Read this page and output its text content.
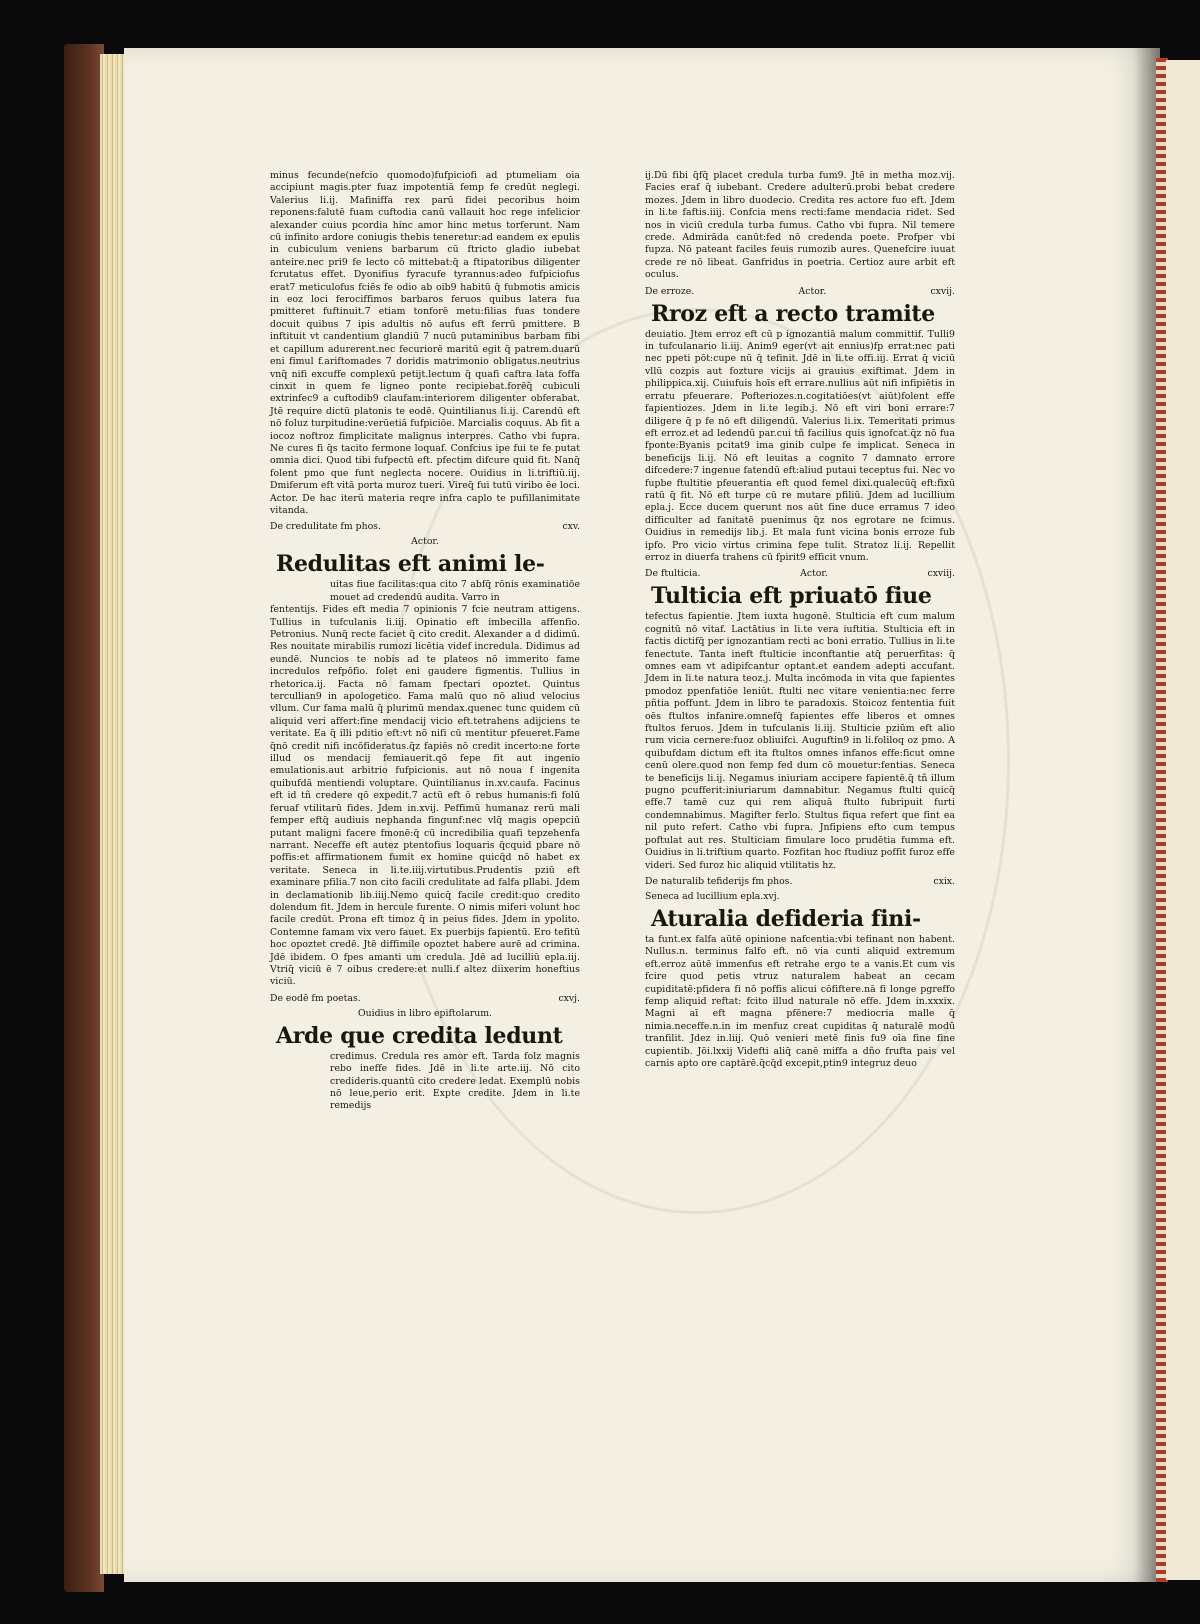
minus fecunde(nefcio quomodo)fufpiciofi ad ptumeliam oia accipiunt magis.pter fuaz impotentiā femp fe credūt neglegi. Valerius li.ij. Mafiniffa rex parū fidei pecoribus hoim reponens:falutē fuam cuftodia canū vallauit hoc rege infelicior alexander cuius pcordia hinc amor hinc metus torferunt. Nam cū infinito ardore coniugis thebis teneretur:ad eandem ex epulis in cubiculum veniens barbarum cū ftricto gladio iubebat anteire.nec pri9 fe lecto cō mittebat:q̄ a ftipatoribus diligenter fcrutatus effet. Dyonifius fyracufe tyrannus:adeo fufpiciofus erat7 meticulofus fciēs fe odio ab oib9 habitū q̄ fubmotis amicis in eoz loci ferociffimos barbaros feruos quibus latera fua pmitteret fuftinuit.7 etiam tonforē metu:filias fuas tondere docuit quibus 7 ipis adultis nō aufus eft ferrū pmittere. B inftituit vt candentium glandiū 7 nucū putaminibus barbam fibi et capillum adurerent.nec fecuriorē maritū egit q̄ patrem.duarū eni fimul f.ariftomades 7 doridis matrimonio obligatus.neutrius vnq̄ nifi excuffe complexū petijt.lectum q̄ quafi caftra lata foffa cinxit in quem fe ligneo ponte recipiebat.forēq̄ cubiculi extrinfec9 a cuftodib9 claufam:interiorem diligenter obferabat. Jtē require dictū platonis te eodē. Quintilianus li.ij. Carendū eft nō foluz turpitudine:verūetiā fufpiciōe. Marcialis coquus. Ab fit a iocoz noftroz fimplicitate malignus interpres. Catho vbi fupra. Ne cures fi q̄s tacito fermone loquaf. Confcius ipe fui te fe putat omnia dici. Quod tibi fufpectū eft. pfectim difcure quid fit. Nanq̄ folent pmo que funt neglecta nocere. Ouidius in li.triftiū.iij. Dmiferum eft vitā porta muroz tueri. Vireq̄ fui tutū viribo ēe loci. Actor. De hac iterū materia reqre infra caplo te pufillanimitate vitanda.

De credulitate fm phos.	cxv.
Actor.
Redulitas eft animi le-

uitas fiue facilitas:qua cito 7 abfq̄ rōnis examinatiōe mouet ad credendū audita. Varro in

fententijs. Fides eft media 7 opinionis 7 fcie neutram attigens. Tullius in tufculanis li.iij. Opinatio eft imbecilla affenfio. Petronius. Nunq̄ recte faciet q̄ cito credit. Alexander a d didimū. Res nouitate mirabilis rumozi licētia videf incredula. Didimus ad eundē. Nuncios te nobis ad te plateos nō immerito fame incredulos refpōfio. folet eni gaudere figmentis. Tullius in rhetorica.ij. Facta nō famam fpectari opoztet. Quintus tercullian9 in apologetico. Fama malū quo nō aliud velocius vllum. Cur fama malū q̄ plurimū mendax.quenec tunc quidem cū aliquid veri affert:fine mendacij vicio eft.tetrahens adijciens te veritate. Ea q̄ illi pditio eft:vt nō nifi cū mentitur pfeueret.Fame q̄nō credit nifi incōfideratus.q̄z fapiēs nō credit incerto:ne forte illud os mendacij femiauerit.qō fepe fit aut ingenio emulationis.aut arbitrio fufpicionis. aut nō noua ẜ ingenita quibufdā mentiendi voluptare. Quintilianus in.xv.caufa. Facinus eft id tñ credere qō expedit.7 actū eft ō rebus humanis:fi folū feruaf vtilitarū fides. Jdem in.xvij. Peffimū humanaz rerū mali femper eftq̄ audiuis nephanda fingunf:nec vlq̄ magis opepciū putant maligni facere fmonē:q̄ cū incredibilia quafi tepzehenfa narrant. Neceffe eft autez ptentofius loquaris q̄cquid pbare nō poffis:et affirmationem fumit ex homine quicq̄d nō habet ex veritate. Seneca in li.te.iiij.virtutibus.Prudentis pziū eft examinare pfilia.7 non cito facili credulitate ad falfa pllabi. Jdem in declamationib lib.iiij.Nemo quicq̄ facile credit:quo credito dolendum fit. Jdem in hercule furente. O nimis miferi volunt hoc facile credūt. Prona eft timoz q̄ in peius fides. Jdem in ypolito. Contemne famam vix vero fauet. Ex puerbijs fapientū. Ero tefitū hoc opoztet credē. Jtē diffimile opoztet habere aurē ad crimina. Jdē ibidem. O fpes amanti um credula. Jdē ad lucilliū epla.iij. Vtriq̄ viciū ē 7 oibus credere:et nulli.ẜ altez diixerim honeftius viciū.

De eodē fm poetas.	cxvj.
Ouidius in libro epiftolarum.
Arde que credita ledunt

credimus. Credula res amor eft. Tarda folz magnis rebo ineffe fides. Jdē in li.te arte.iij. Nō cito credideris.quantū cito credere ledat. Exemplū nobis nō leue,perio erit. Expte credite. Jdem in li.te remedijs

ij.Dū fibi q̄fq̄ placet credula turba fum9. Jtē in metha moz.vij. Facies eraf q̄ iubebant. Credere adulterū.probi bebat credere mozes. Jdem in libro duodecio. Credita res actore fuo eft. Jdem in li.te faftis.iiij. Confcia mens recti:fame mendacia ridet. Sed nos in viciū credula turba fumus. Catho vbi fupra. Nil temere crede. Admirāda canūt:fed nō credenda poete. Profper vbi fupza. Nō pateant faciles feuis rumozib aures. Quenefcire iuuat crede re nō libeat. Ganfridus in poetria. Certioz aure arbit eft oculus.

De erroze.	Actor.	cxvij.
Rroz eft a recto tramite

deuiatio. Jtem erroz eft cū p ignozantiā malum committif. Tulli9 in tufculanario li.iij. Anim9 eger(vt ait ennius)fp errat:nec pati nec ppeti pōt:cupe nū q̄ tefinit. Jdē in li.te offi.iij. Errat q̄ viciū vllū cozpis aut fozture vicijs ai grauius exiftimat. Jdem in philippica.xij. Cuiufuis hoīs eft errare.nullius aūt nifi infipiētis in erratu pfeuerare. Pofteriozes.n.cogitatiōes(vt aiūt)folent effe fapientiozes. Jdem in li.te legib.j. Nō eft viri boni errare:7 diligere q̄ p fe nō eft diligendū. Valerius li.ix. Temeritati primus eft erroz.et ad ledendū par.cui tñ facilius quis ignofcat.q̄z nō fua fponte:Byanis pcitat9 ima ginib culpe fe implicat. Seneca in beneficijs li.ij. Nō eft leuitas a cognito 7 damnato errore difcedere:7 ingenue fatendū eft:aliud putaui teceptus fui. Nec vo fupbe ftultitie pfeuerantia eft quod femel dixi.qualecūq̄ eft:fixū ratū q̄ fit. Nō eft turpe cū re mutare pfiliū. Jdem ad lucillium epla.j. Ecce ducem querunt nos aūt fine duce erramus 7 ideo difficulter ad fanitatē puenimus q̄z nos egrotare ne fcimus. Ouidius in remedijs lib.j. Et mala funt vicina bonis erroze fub ipfo. Pro vicio virtus crimina fepe tulit. Stratoz li.ij. Repellit erroz in diuerfa trahens cū fpirit9 efficit vnum.

De ftulticia.	Actor.	cxviij.
Tulticia eft priuatō fiue

tefectus fapientie. Jtem iuxta hugonē. Stulticia eft cum malum cognitū nō vitaf. Lactātius in li.te vera iuftitia. Stulticia eft in factis dictifq̄ per ignozantiam recti ac boni erratio. Tullius in li.te fenectute. Tanta ineft ftulticie inconftantie atq̄ peruerfitas: q̄ omnes eam vt adipifcantur optant.et eandem adepti accufant. Jdem in li.te natura teoz.j. Multa incōmoda in vita que fapientes pmodoz ppenfatiōe leniūt. ftulti nec vitare venientia:nec ferre pñtia poffunt. Jdem in libro te paradoxis. Stoicoz fententia fuit oēs ftultos infanire.omnefq̄ fapientes effe liberos et omnes ftultos feruos. Jdem in tufculanis li.iij. Stulticie pziūm eft alio rum vicia cernere:fuoz obliuifci. Auguftin9 in li.foliloq oz pmo. A quibufdam dictum eft ita ftultos omnes infanos effe:ficut omne cenū olere.quod non femp fed dum cō mouetur:fentias. Seneca te beneficijs li.ij. Negamus iniuriam accipere fapientē.q̄ tñ illum pugno pcufferit:iniuriarum damnabitur. Negamus ftulti quicq̄ effe.7 tamē cuz qui rem aliquā ftulto fubripuit furti condemnabimus. Magifter ferlo. Stultus fiqua refert que fint ea nil puto refert. Catho vbi fupra. Jnfipiens efto cum tempus poftulat aut res. Stulticiam fimulare loco prudētia fumma eft. Ouidius in li.triftium quarto. Fozfitan hoc ftudiuz poffit furoz effe videri. Sed furoz hic aliquid vtilitatis hz.

De naturalib tefiderijs fm phos.	cxix.
Seneca ad lucillium epla.xvj.
Aturalia defideria fini-

ta funt.ex falfa aūtē opinione nafcentia:vbi tefinant non habent. Nullus.n. terminus falfo eft. nō via cunti aliquid extremum eft.erroz aūtē immenfus eft retrahe ergo te a vanis.Et cum vis fcire quod petis vtruz naturalem habeat an cecam cupiditatē:pfidera fi nō poffis alicui cōfiftere.nā fi longe pgreffo femp aliquid reftat: fcito illud naturale nō effe. Jdem in.xxxix. Magni aī eft magna pfēnere:7 mediocria malle q̄ nimia.neceffe.n.in im menfuz creat cupiditas q̄ naturalē modū tranfilit. Jdez in.liij. Quō venieri metē finis fu9 oīa fine fine cupientib. Jōi.lxxij Videfti aliq̄ canē miffa a dño frufta pais vel carnis apto ore captārē.q̄cq̄d excepit,ptin9 integruz deuo
